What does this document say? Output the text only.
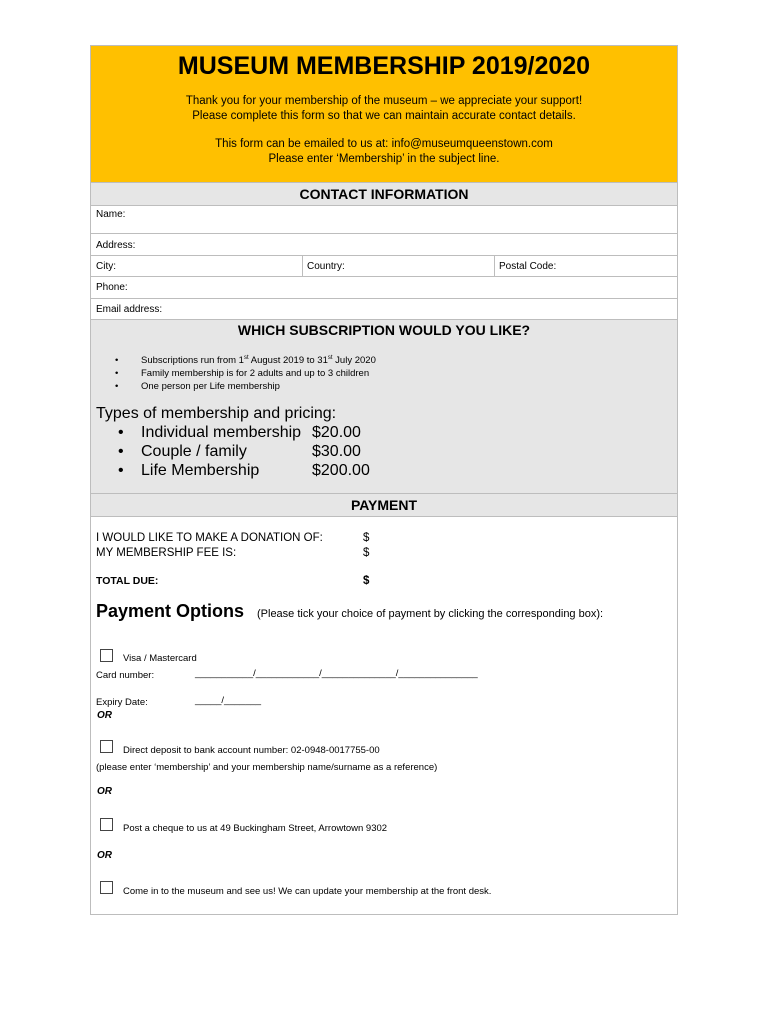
MUSEUM MEMBERSHIP 2019/2020
Thank you for your membership of the museum – we appreciate your support!
Please complete this form so that we can maintain accurate contact details.
This form can be emailed to us at: info@museumqueenstown.com
Please enter ‘Membership’ in the subject line.
CONTACT INFORMATION
Name:
Address:
City:	Country:	Postal Code:
Phone:
Email address:
WHICH SUBSCRIPTION WOULD YOU LIKE?
• Subscriptions run from 1st August 2019 to 31st July 2020
• Family membership is for 2 adults and up to 3 children
• One person per Life membership
Types of membership and pricing:
• Individual membership $20.00
• Couple / family	$30.00
• Life Membership	$200.00
PAYMENT
I WOULD LIKE TO MAKE A DONATION OF:	$
MY MEMBERSHIP FEE IS:	$
TOTAL DUE:	$
Payment Options (Please tick your choice of payment by clicking the corresponding box):
Visa / Mastercard
Card number:	___________/____________/______________/_______________
Expiry Date:	_____/_______
OR
Direct deposit to bank account number: 02-0948-0017755-00
(please enter ‘membership’ and your membership name/surname as a reference)
OR
Post a cheque to us at 49 Buckingham Street, Arrowtown 9302
OR
Come in to the museum and see us! We can update your membership at the front desk.
